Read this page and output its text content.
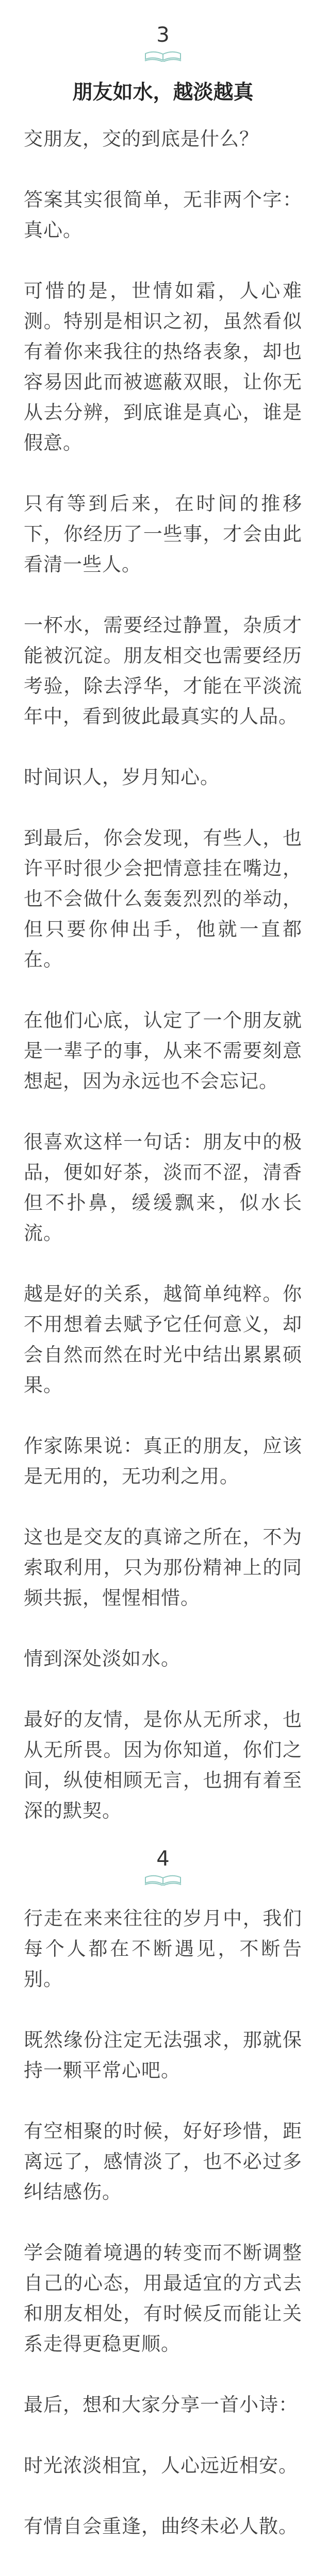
3
朋友如水，越淡越真

交朋友，交的到底是什么？

答案其实很简单，无非两个字：真心。

可惜的是，世情如霜，人心难测。特别是相识之初，虽然看似有着你来我往的热络表象，却也容易因此而被遮蔽双眼，让你无从去分辨，到底谁是真心，谁是假意。

只有等到后来，在时间的推移下，你经历了一些事，才会由此看清一些人。

一杯水，需要经过静置，杂质才能被沉淀。朋友相交也需要经历考验，除去浮华，才能在平淡流年中，看到彼此最真实的人品。

时间识人，岁月知心。

到最后，你会发现，有些人，也许平时很少会把情意挂在嘴边，也不会做什么轰轰烈烈的举动，但只要你伸出手，他就一直都在。

在他们心底，认定了一个朋友就是一辈子的事，从来不需要刻意想起，因为永远也不会忘记。

很喜欢这样一句话：朋友中的极品，便如好茶，淡而不涩，清香但不扑鼻，缓缓飘来，似水长流。

越是好的关系，越简单纯粹。你不用想着去赋予它任何意义，却会自然而然在时光中结出累累硕果。

作家陈果说：真正的朋友，应该是无用的，无功利之用。

这也是交友的真谛之所在，不为索取利用，只为那份精神上的同频共振，惺惺相惜。

情到深处淡如水。

最好的友情，是你从无所求，也从无所畏。因为你知道，你们之间，纵使相顾无言，也拥有着至深的默契。

4

行走在来来往往的岁月中，我们每个人都在不断遇见，不断告别。

既然缘份注定无法强求，那就保持一颗平常心吧。

有空相聚的时候，好好珍惜，距离远了，感情淡了，也不必过多纠结感伤。

学会随着境遇的转变而不断调整自己的心态，用最适宜的方式去和朋友相处，有时候反而能让关系走得更稳更顺。

最后，想和大家分享一首小诗：

时光浓淡相宜，人心远近相安。

有情自会重逢，曲终未必人散。
